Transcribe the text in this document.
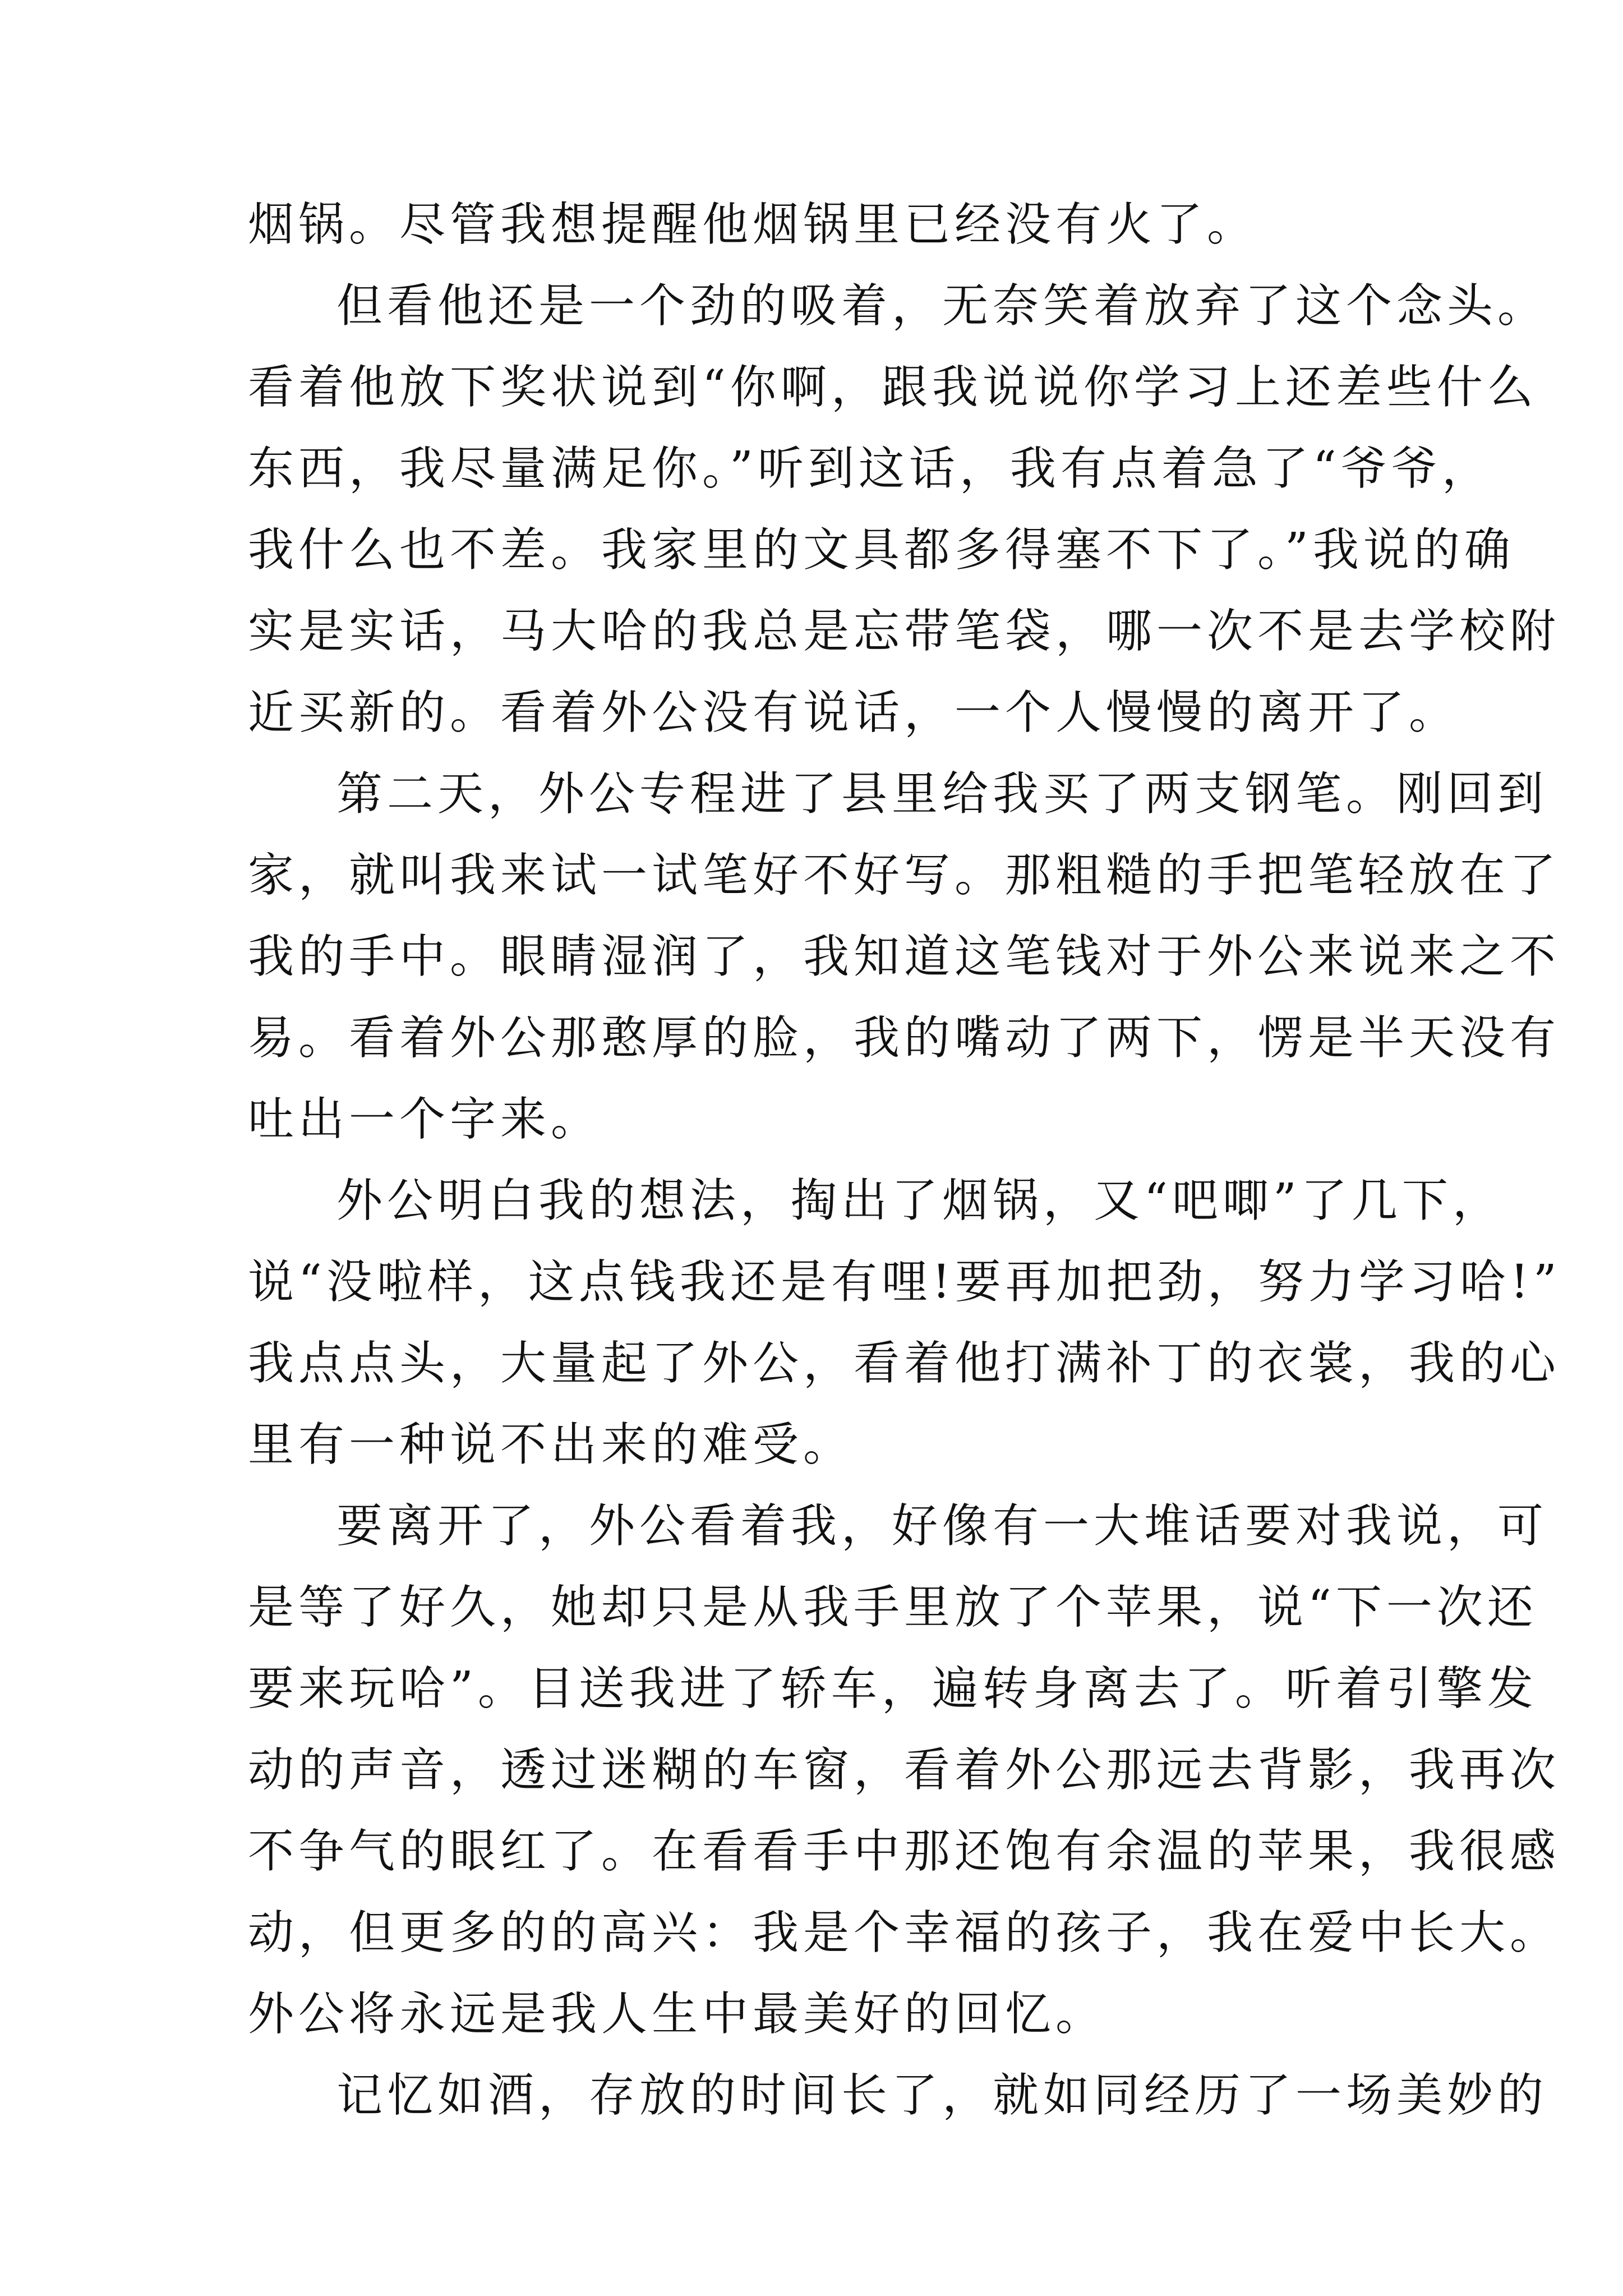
烟锅。尽管我想提醒他烟锅里已经没有火了。
但看他还是一个劲的吸着，无奈笑着放弃了这个念头。
看着他放下奖状说到“你啊，跟我说说你学习上还差些什么
东西，我尽量满足你。”听到这话，我有点着急了“爷爷，
我什么也不差。我家里的文具都多得塞不下了。”我说的确
实是实话，马大哈的我总是忘带笔袋，哪一次不是去学校附
近买新的。看着外公没有说话，一个人慢慢的离开了。
第二天，外公专程进了县里给我买了两支钢笔。刚回到
家，就叫我来试一试笔好不好写。那粗糙的手把笔轻放在了
我的手中。眼睛湿润了，我知道这笔钱对于外公来说来之不
易。看着外公那憨厚的脸，我的嘴动了两下，愣是半天没有
吐出一个字来。
外公明白我的想法，掏出了烟锅，又“吧唧”了几下，
说“没啦样，这点钱我还是有哩!要再加把劲，努力学习哈!”
我点点头，大量起了外公，看着他打满补丁的衣裳，我的心
里有一种说不出来的难受。
要离开了，外公看着我，好像有一大堆话要对我说，可
是等了好久，她却只是从我手里放了个苹果，说“下一次还
要来玩哈”。目送我进了轿车，遍转身离去了。听着引擎发
动的声音，透过迷糊的车窗，看着外公那远去背影，我再次
不争气的眼红了。在看看手中那还饱有余温的苹果，我很感
动，但更多的的高兴：我是个幸福的孩子，我在爱中长大。
外公将永远是我人生中最美好的回忆。
记忆如酒，存放的时间长了，就如同经历了一场美妙的
